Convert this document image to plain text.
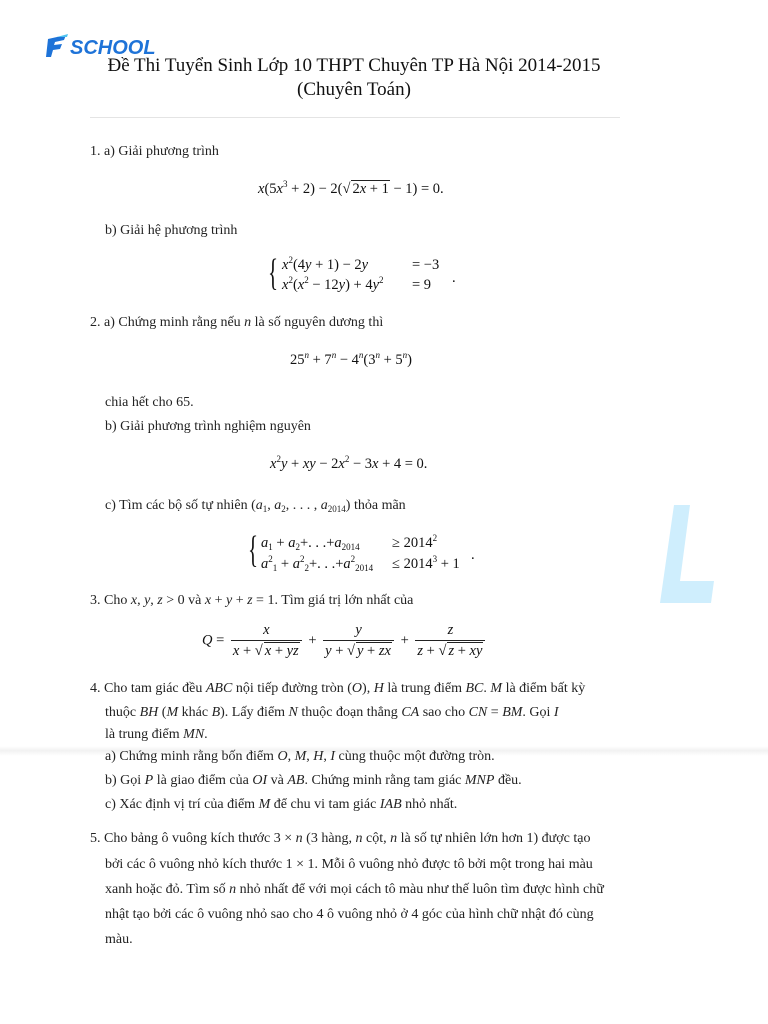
SCHOOL
Đề Thi Tuyển Sinh Lớp 10 THPT Chuyên TP Hà Nội 2014-2015
(Chuyên Toán)
1. a) Giải phương trình
$x(5x^3 + 2) - 2(√$ 2x + 1 − 1) = 0.
b) Giải hệ phương trình
{ $x^2(4y + 1) - 2y$	= −3
$x^2(x^2 - 12y) + 4y^2 = 9$ .
2. a) Chứng minh rằng nếu n là số nguyên dương thì
$25^n + 7^n - 4^n(3^n + 5^n)$
chia hết cho 65.
b) Giải phương trình nghiệm nguyên
$x^2y$ + xy − $2x^2 - 3x + 4 = 0$.
c) Tìm các bộ số tự nhiên ($a_1$, $a_2$, . . . , $a_{2014}$) thỏa mãn
{ $a_1 + a_2+$. . $.+a_{2014} \ge 2014^2$
$a^2_1 + a^2_2+$. . $.+a^2_{2014} \le 2014^3 + 1$
.
3. Cho x, y, z > 0 và x + y + z = 1. Tìm giá trị lớn nhất của
$Q = \frac{x}{x + √ x + yz} + \frac{y}{y + √ y + zx} + \frac{z}{z + √ z + xy}$
4. Cho tam giác đều ABC nội tiếp đường tròn (O), H là trung điểm BC. M là điểm bất kỳ
thuộc BH (M khác B). Lấy điểm N thuộc đoạn thẳng CA sao cho CN = BM. Gọi I
là trung điểm MN.
a) Chứng minh rằng bốn điểm O, M, H, I cùng thuộc một đường tròn.
b) Gọi P là giao điểm của OI và AB. Chứng minh rằng tam giác MNP đều.
c) Xác định vị trí của điểm M để chu vi tam giác IAB nhỏ nhất.
5. Cho bảng ô vuông kích thước 3 × n (3 hàng, n cột, n là số tự nhiên lớn hơn 1) được tạo
bởi các ô vuông nhỏ kích thước 1 × 1. Mỗi ô vuông nhỏ được tô bởi một trong hai màu
xanh hoặc đỏ. Tìm số n nhỏ nhất để với mọi cách tô màu như thế luôn tìm được hình chữ
nhật tạo bởi các ô vuông nhỏ sao cho 4 ô vuông nhỏ ở 4 góc của hình chữ nhật đó cùng
màu.
